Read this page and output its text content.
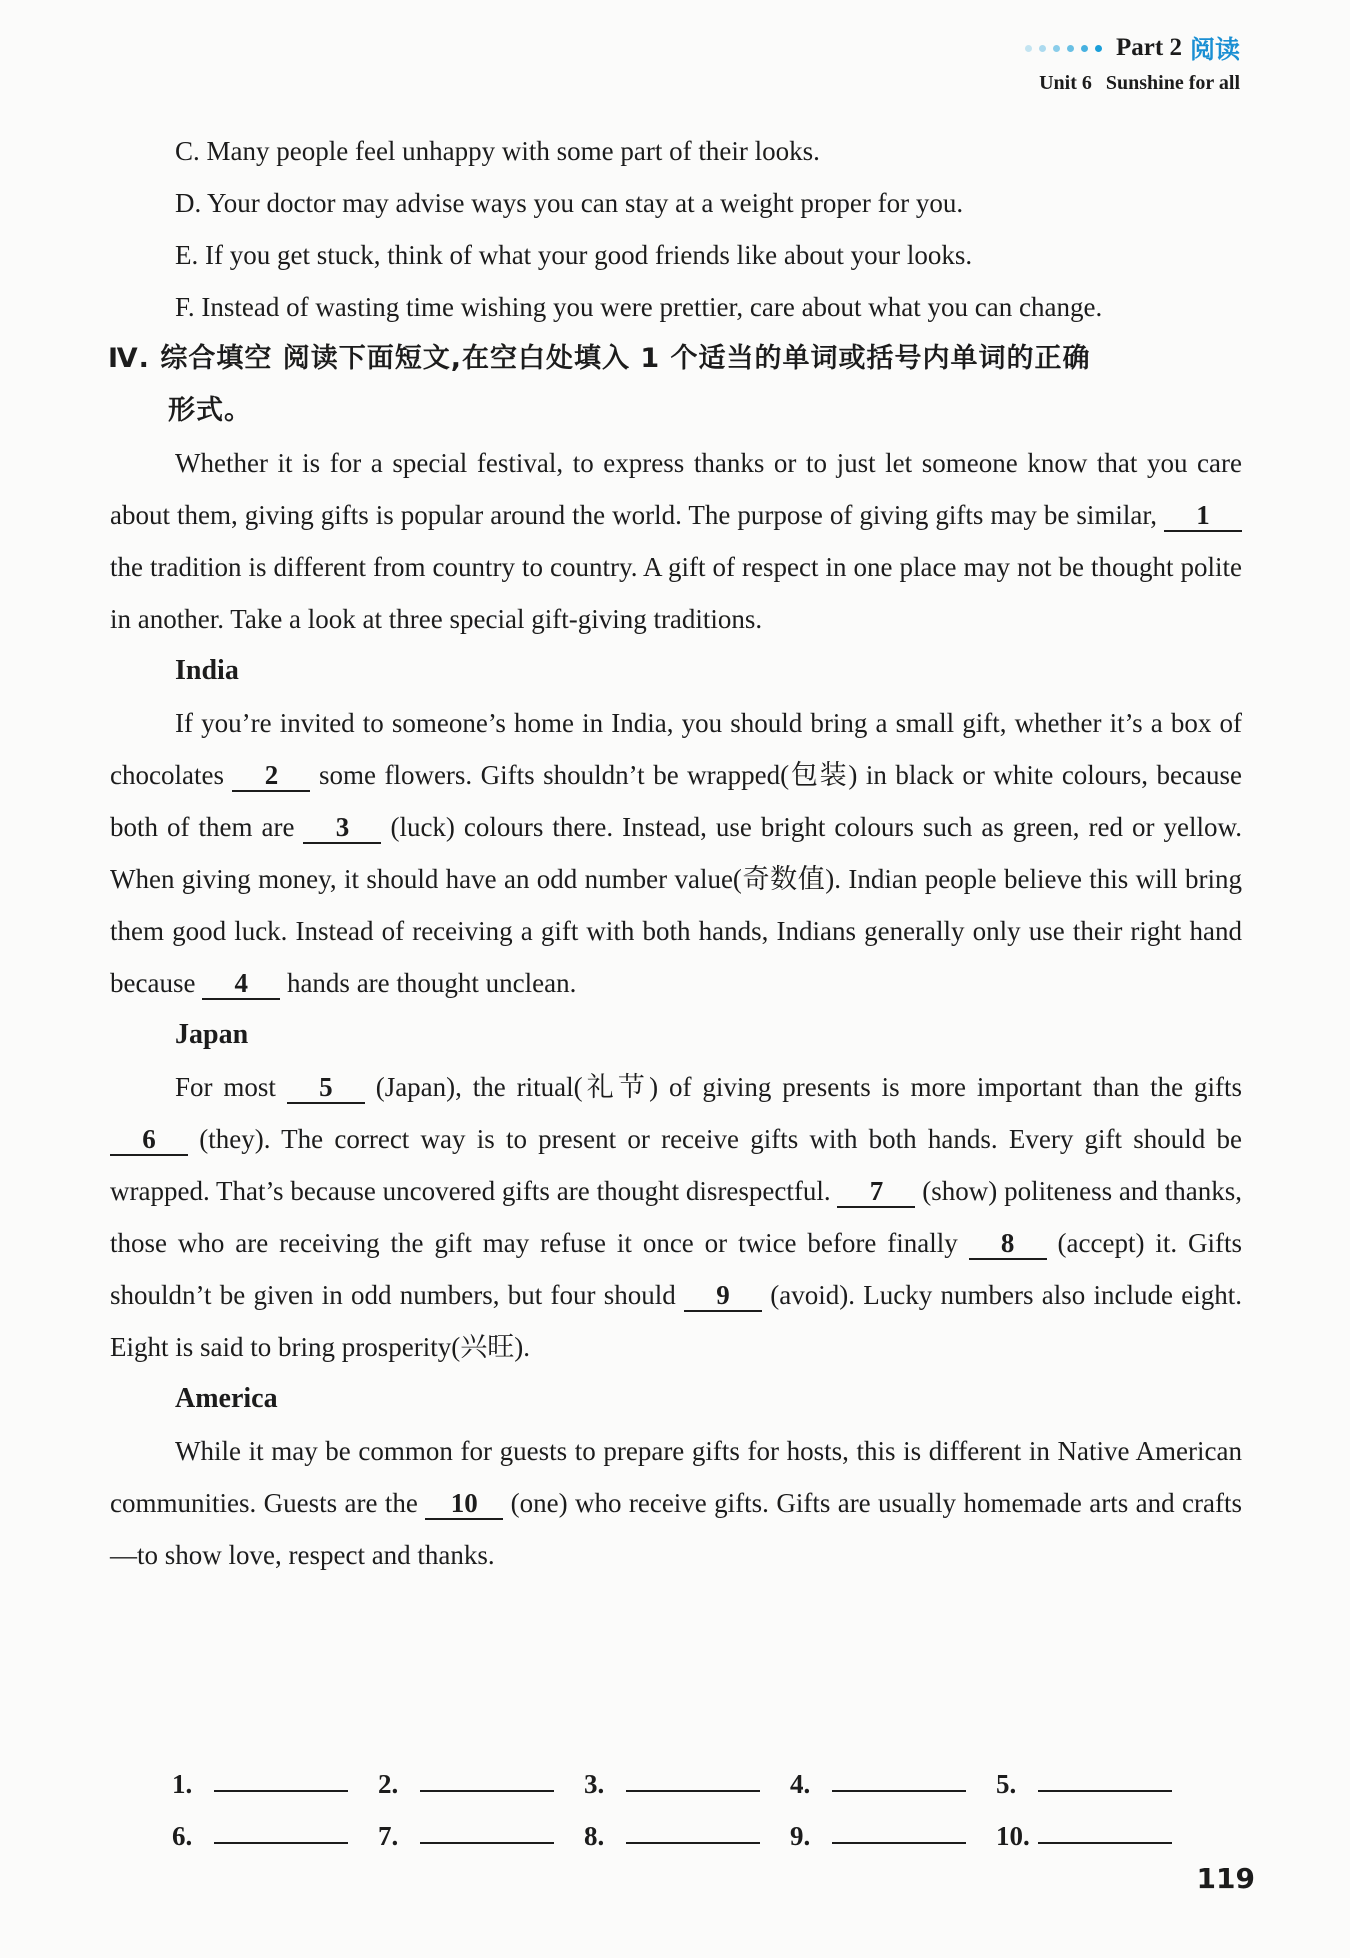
Part 2 阅读
Unit 6 Sunshine for all

C. Many people feel unhappy with some part of their looks.

D. Your doctor may advise ways you can stay at a weight proper for you.

E. If you get stuck, think of what your good friends like about your looks.

F. Instead of wasting time wishing you were prettier, care about what you can change.

Ⅳ. 综合填空 阅读下面短文,在空白处填入 1 个适当的单词或括号内单词的正确

形式。

Whether it is for a special festival, to express thanks or to just let someone know that you care about them, giving gifts is popular around the world. The purpose of giving gifts may be similar, 1 the tradition is different from country to country. A gift of respect in one place may not be thought polite in another. Take a look at three special gift-giving traditions.

India

If you’re invited to someone’s home in India, you should bring a small gift, whether it’s a box of chocolates 2 some flowers. Gifts shouldn’t be wrapped(包装) in black or white colours, because both of them are 3 (luck) colours there. Instead, use bright colours such as green, red or yellow. When giving money, it should have an odd number value(奇数值). Indian people believe this will bring them good luck. Instead of receiving a gift with both hands, Indians generally only use their right hand because 4 hands are thought unclean.

Japan

For most 5 (Japan), the ritual(礼节) of giving presents is more important than the gifts 6 (they). The correct way is to present or receive gifts with both hands. Every gift should be wrapped. That’s because uncovered gifts are thought disrespectful. 7 (show) politeness and thanks, those who are receiving the gift may refuse it once or twice before finally 8 (accept) it. Gifts shouldn’t be given in odd numbers, but four should 9 (avoid). Lucky numbers also include eight. Eight is said to bring prosperity(兴旺).

America

While it may be common for guests to prepare gifts for hosts, this is different in Native American communities. Guests are the 10 (one) who receive gifts. Gifts are usually homemade arts and crafts—to show love, respect and thanks.

1.	2.	3.	4.	5.
6.	7.	8.	9.	10.
119
